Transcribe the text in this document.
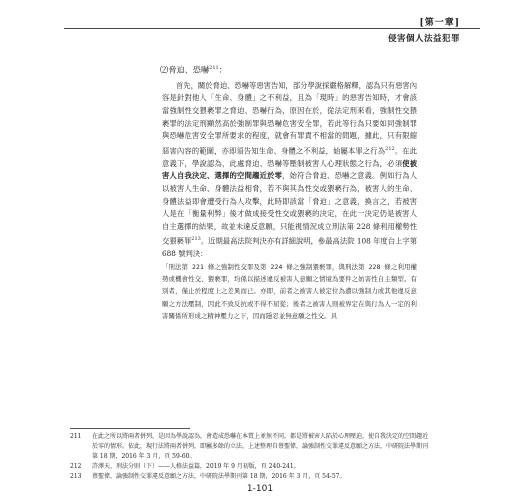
[第一章]
侵害個人法益犯罪
⑵脅迫、恐嚇$^{211}$：

首先，關於脅迫、恐嚇等惡害告知，部分學說採嚴格解釋，認為只有惡害內容是針對他人「生命、身體」之不利益，且為「現時」的惡害告知時，才會該當強制性交猥褻罪之脅迫、恐嚇行為，原因在於，從法定刑來看，強制性交猥褻罪的法定刑顯然高於強制罪與恐嚇危害安全罪，若此等行為只要如同強制罪與恐嚇危害安全罪所要求的程度，就會有罪責不相當的問題，據此，只有限縮惡害內容的範圍，亦即須告知生命、身體之不利益，始屬本罪之行為$^{212}$。在此意義下，學說認為，此處脅迫、恐嚇等壓制被害人心理狀態之行為，必須使被害人自我決定、選擇的空間趨近於零，始符合脅迫、恐嚇之意義。例如行為人以被害人生命、身體法益相脅，若不與其為性交或猥褻行為，被害人的生命、身體法益即會遭受行為人攻擊，此時即該當「脅迫」之意義，換言之，若被害人是在「衡量利弊」後才做成接受性交或猥褻的決定，在此一決定仍是被害人自主選擇的結果，故並未違反意願，只能視情況成立刑法第 228 條利用權勢性交猥褻罪$^{213}$。近期最高法院判決亦有詳細說明，參最高法院 108 年度台上字第 688 號判決：

「刑法第 221 條之強制性交罪及第 224 條之強制猥褻罪，與刑法第 228 條之利用權勢或機會性交、猥褻罪，均係以描述違反被害人意願之情境為要件之妨害性自主類型。有別者，僅止於程度上之差異而已。亦即，前者之被害人被定位為遭以強制力或其他違反意願之方法壓制，因此不致反抗或不得不屈從；後者之被害人則被界定在與行為人一定的利害關係所形成之精神壓力之下，因而隱忍並無意願之性交。具
211	在此之所以將兩者併列，是因為學說認為，會造成恐嚇在本質上並無不同，都是將被害人陷於心理壓迫，使自我決定的空間趨近於零的情形。依此，現行法將兩者併列，即屬多餘的立法。上述整理自蔡聖偉，論強制性交罪違反意願之方法，中研院法學期刊第 18 期，2016 年 3 月，頁 59-60。
212	許澤天，刑法分則（下）——人格法益篇，2019 年 9 月初版，頁 240-241。
213	蔡聖偉，論強制性交罪違反意願之方法，中研院法學期刊第 18 期，2016 年 3 月，頁 54-57。
1-101
